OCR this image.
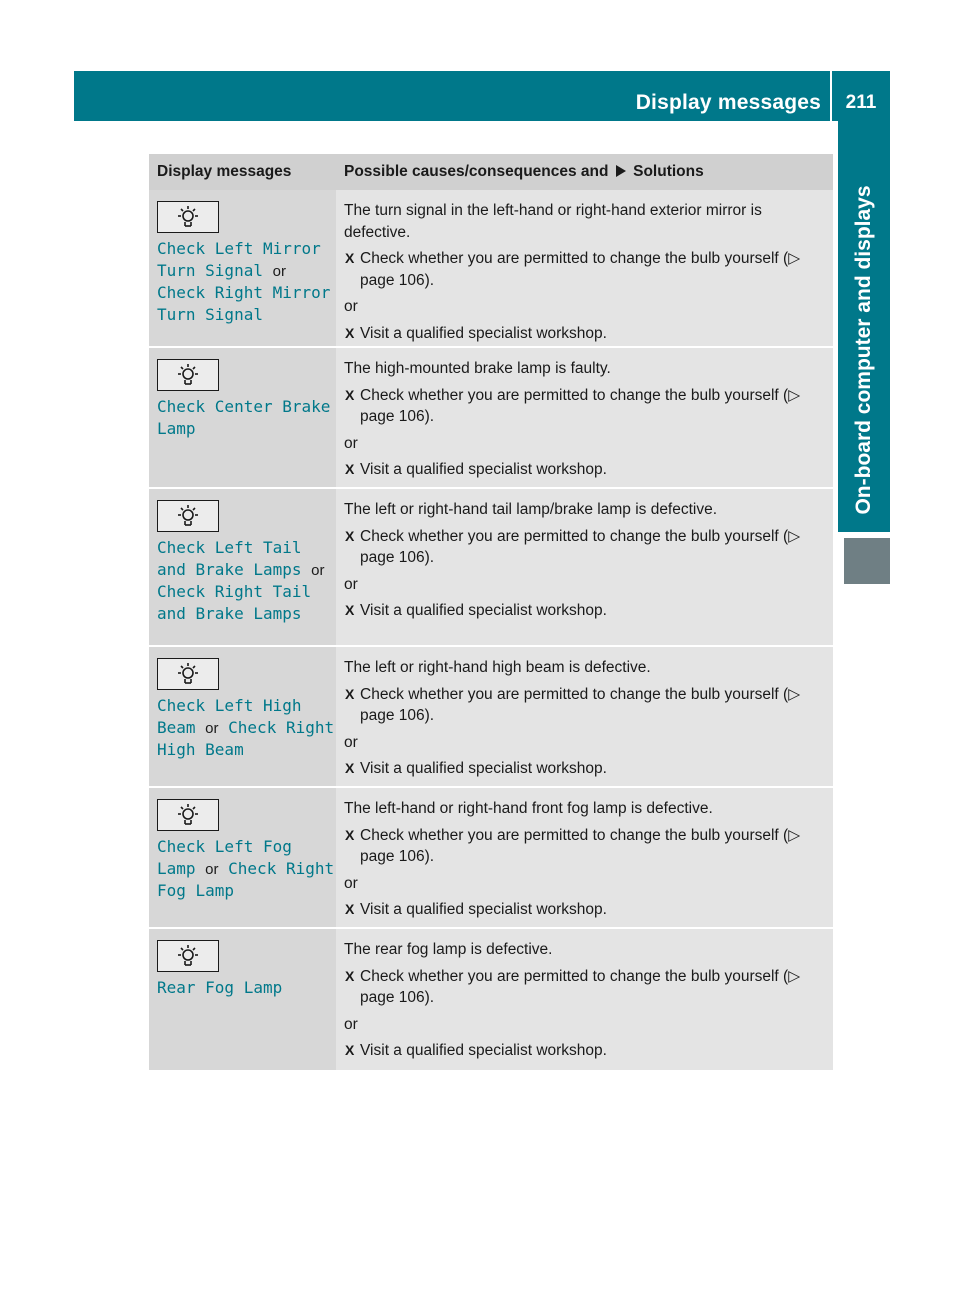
Display messages	211
On-board computer and displays
Display messages	Possible causes/consequences and Solutions
Check Left Mirror Turn Signal or Check Right Mirror Turn Signal

The turn signal in the left-hand or right-hand exterior mirror is defective.

X Check whether you are permitted to change the bulb yourself (▷ page 106).
or
X Visit a qualified specialist workshop.
Check Center Brake Lamp

The high-mounted brake lamp is faulty.

X Check whether you are permitted to change the bulb yourself (▷ page 106).
or
X Visit a qualified specialist workshop.
Check Left Tail and Brake Lamps or Check Right Tail and Brake Lamps

The left or right-hand tail lamp/brake lamp is defective.

X Check whether you are permitted to change the bulb yourself (▷ page 106).
or
X Visit a qualified specialist workshop.
Check Left High Beam or Check Right High Beam

The left or right-hand high beam is defective.

X Check whether you are permitted to change the bulb yourself (▷ page 106).
or
X Visit a qualified specialist workshop.
Check Left Fog Lamp or Check Right Fog Lamp

The left-hand or right-hand front fog lamp is defective.

X Check whether you are permitted to change the bulb yourself (▷ page 106).
or
X Visit a qualified specialist workshop.
Rear Fog Lamp

The rear fog lamp is defective.

X Check whether you are permitted to change the bulb yourself (▷ page 106).
or
X Visit a qualified specialist workshop.
